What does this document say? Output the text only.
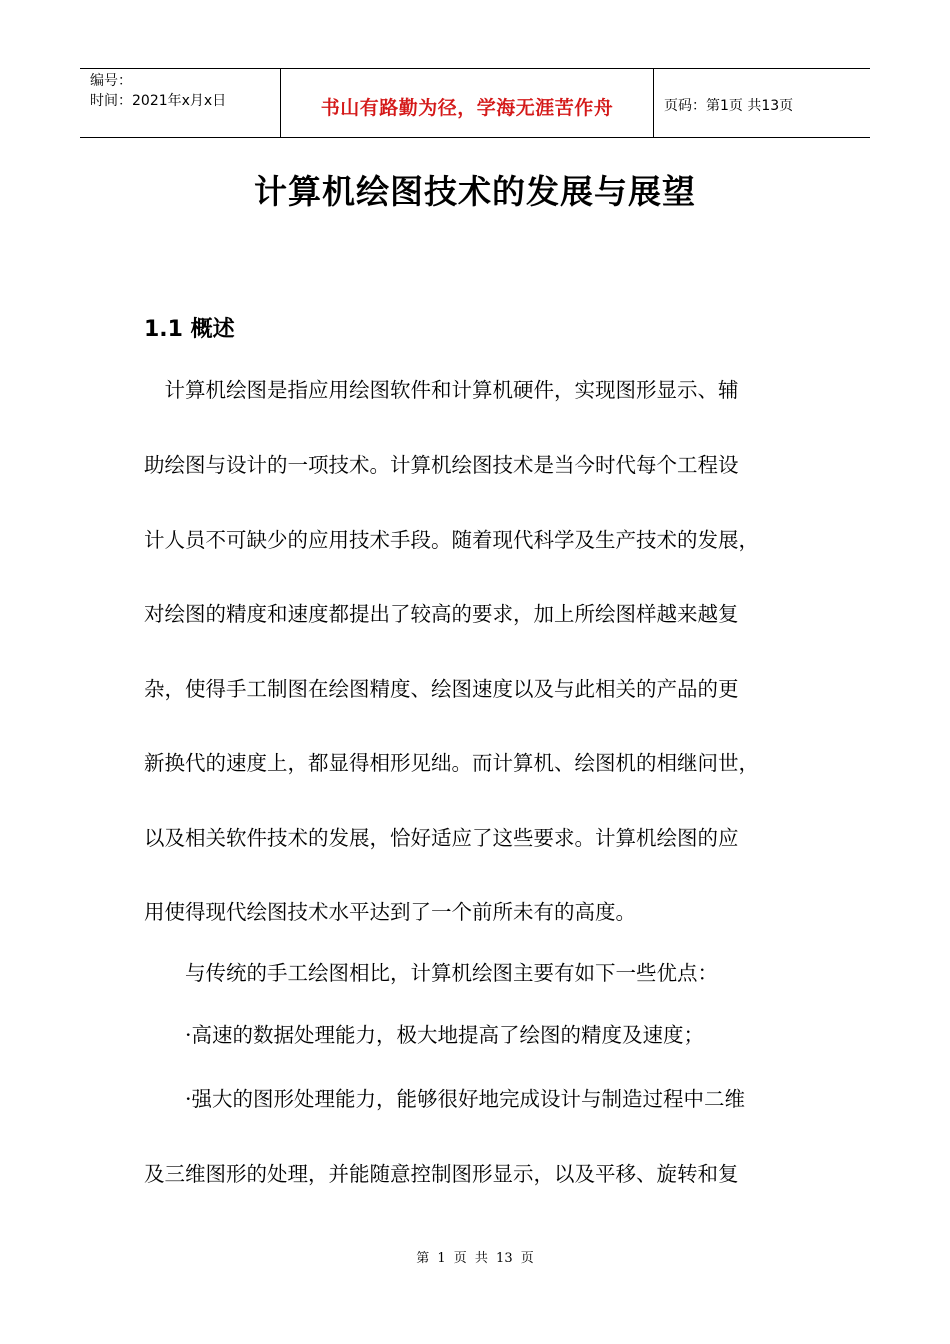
编号：
时间：2021年x月x日	书山有路勤为径，学海无涯苦作舟	页码：第1页 共13页
计算机绘图技术的发展与展望
1.1 概述
　计算机绘图是指应用绘图软件和计算机硬件，实现图形显示、辅
助绘图与设计的一项技术。计算机绘图技术是当今时代每个工程设
计人员不可缺少的应用技术手段。随着现代科学及生产技术的发展，
对绘图的精度和速度都提出了较高的要求，加上所绘图样越来越复
杂，使得手工制图在绘图精度、绘图速度以及与此相关的产品的更
新换代的速度上，都显得相形见绌。而计算机、绘图机的相继问世，
以及相关软件技术的发展，恰好适应了这些要求。计算机绘图的应
用使得现代绘图技术水平达到了一个前所未有的高度。
　　与传统的手工绘图相比，计算机绘图主要有如下一些优点：
　　·高速的数据处理能力，极大地提高了绘图的精度及速度；
　　·强大的图形处理能力，能够很好地完成设计与制造过程中二维
及三维图形的处理，并能随意控制图形显示，以及平移、旋转和复
第 1 页 共 13 页
